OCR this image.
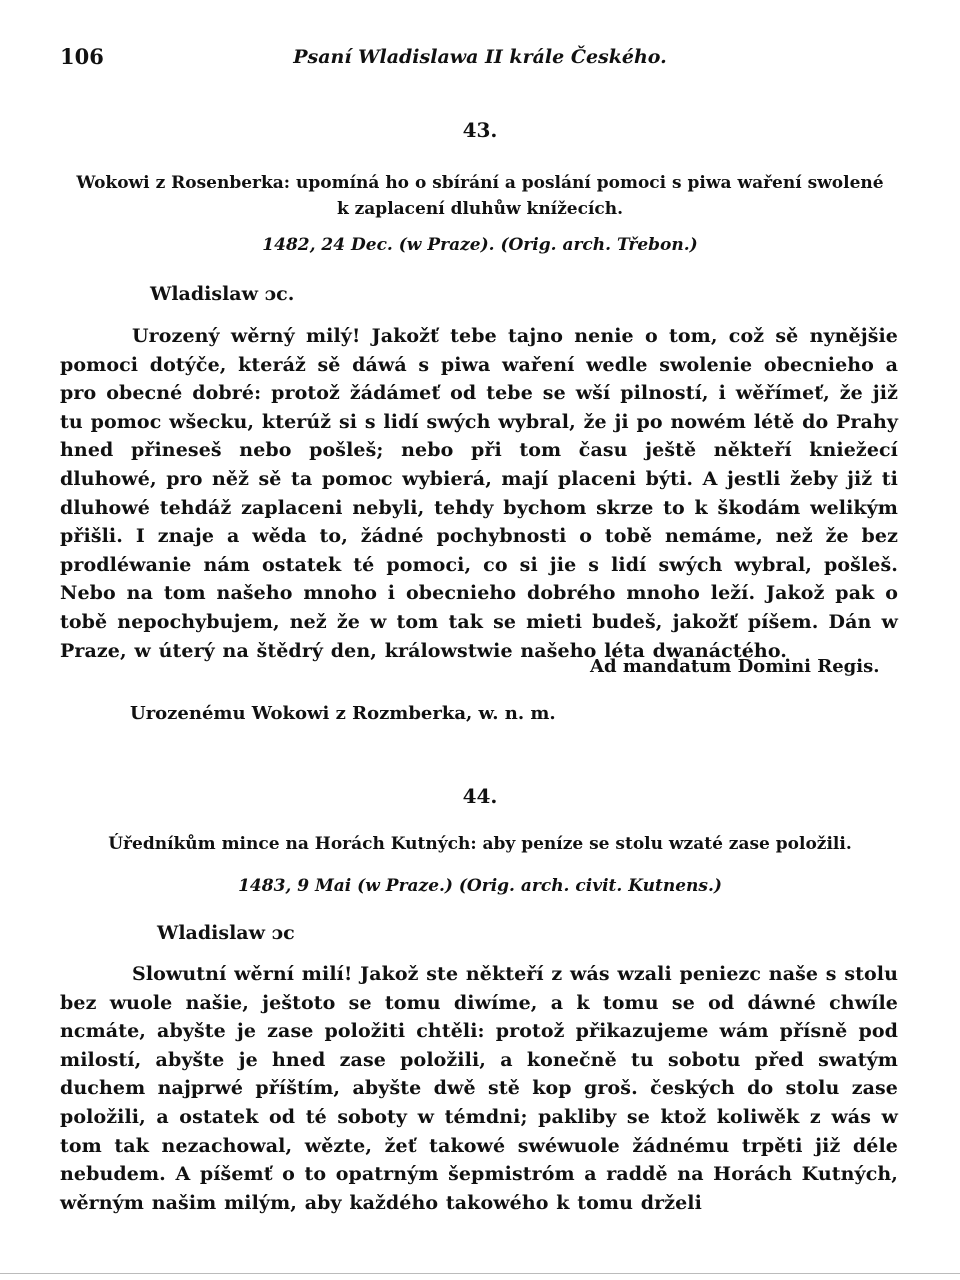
106	Psaní Wladislawa II krále Českého.
43.
Wokowi z Rosenberka: upomíná ho o sbírání a poslání pomoci s piwa waření swolené
k zaplacení dluhůw knížecích.
1482, 24 Dec. (w Praze). (Orig. arch. Třebon.)
Wladislaw ɔc.
Urozený wěrný milý! Jakožť tebe tajno nenie o tom, což sě nynějšie pomoci dotýče, kteráž sě dáwá s piwa waření wedle swolenie obecnieho a pro obecné dobré: protož žádámeť od tebe se wší pilností, i wěřímeť, že již tu pomoc wšecku, kterúž si s lidí swých wybral, že ji po nowém létě do Prahy hned přineseš nebo pošleš; nebo při tom času ještě někteří kniežecí dluhowé, pro něž sě ta pomoc wybierá, mají placeni býti. A jestli žeby již ti dluhowé tehdáž zaplaceni nebyli, tehdy bychom skrze to k škodám welikým přišli. I znaje a wěda to, žádné pochybnosti o tobě nemáme, než že bez prodléwanie nám ostatek té pomoci, co si jie s lidí swých wybral, pošleš. Nebo na tom našeho mnoho i obecnieho dobrého mnoho leží. Jakož pak o tobě nepochybujem, než že w tom tak se mieti budeš, jakožť píšem. Dán w Praze, w úterý na štědrý den, králowstwie našeho léta dwanáctého.
Ad mandatum Domini Regis.
Urozenému Wokowi z Rozmberka, w. n. m.
44.
Úředníkům mince na Horách Kutných: aby peníze se stolu wzaté zase položili.
1483, 9 Mai (w Praze.) (Orig. arch. civit. Kutnens.)
Wladislaw ɔc
Slowutní wěrní milí! Jakož ste někteří z wás wzali peniezc naše s stolu bez wuole našie, ještoto se tomu diwíme, a k tomu se od dáwné chwíle ncmáte, abyšte je zase položiti chtěli: protož přikazujeme wám přísně pod milostí, abyšte je hned zase položili, a konečně tu sobotu před swatým duchem najprwé příštím, abyšte dwě stě kop groš. českých do stolu zase položili, a ostatek od té soboty w témdni; pakliby se ktož koliwěk z wás w tom tak nezachowal, wězte, žeť takowé swéwuole žádnému trpěti již déle nebudem. A píšemť o to opatrným šepmistróm a raddě na Horách Kutných, wěrným našim milým, aby každého takowého k tomu drželi
